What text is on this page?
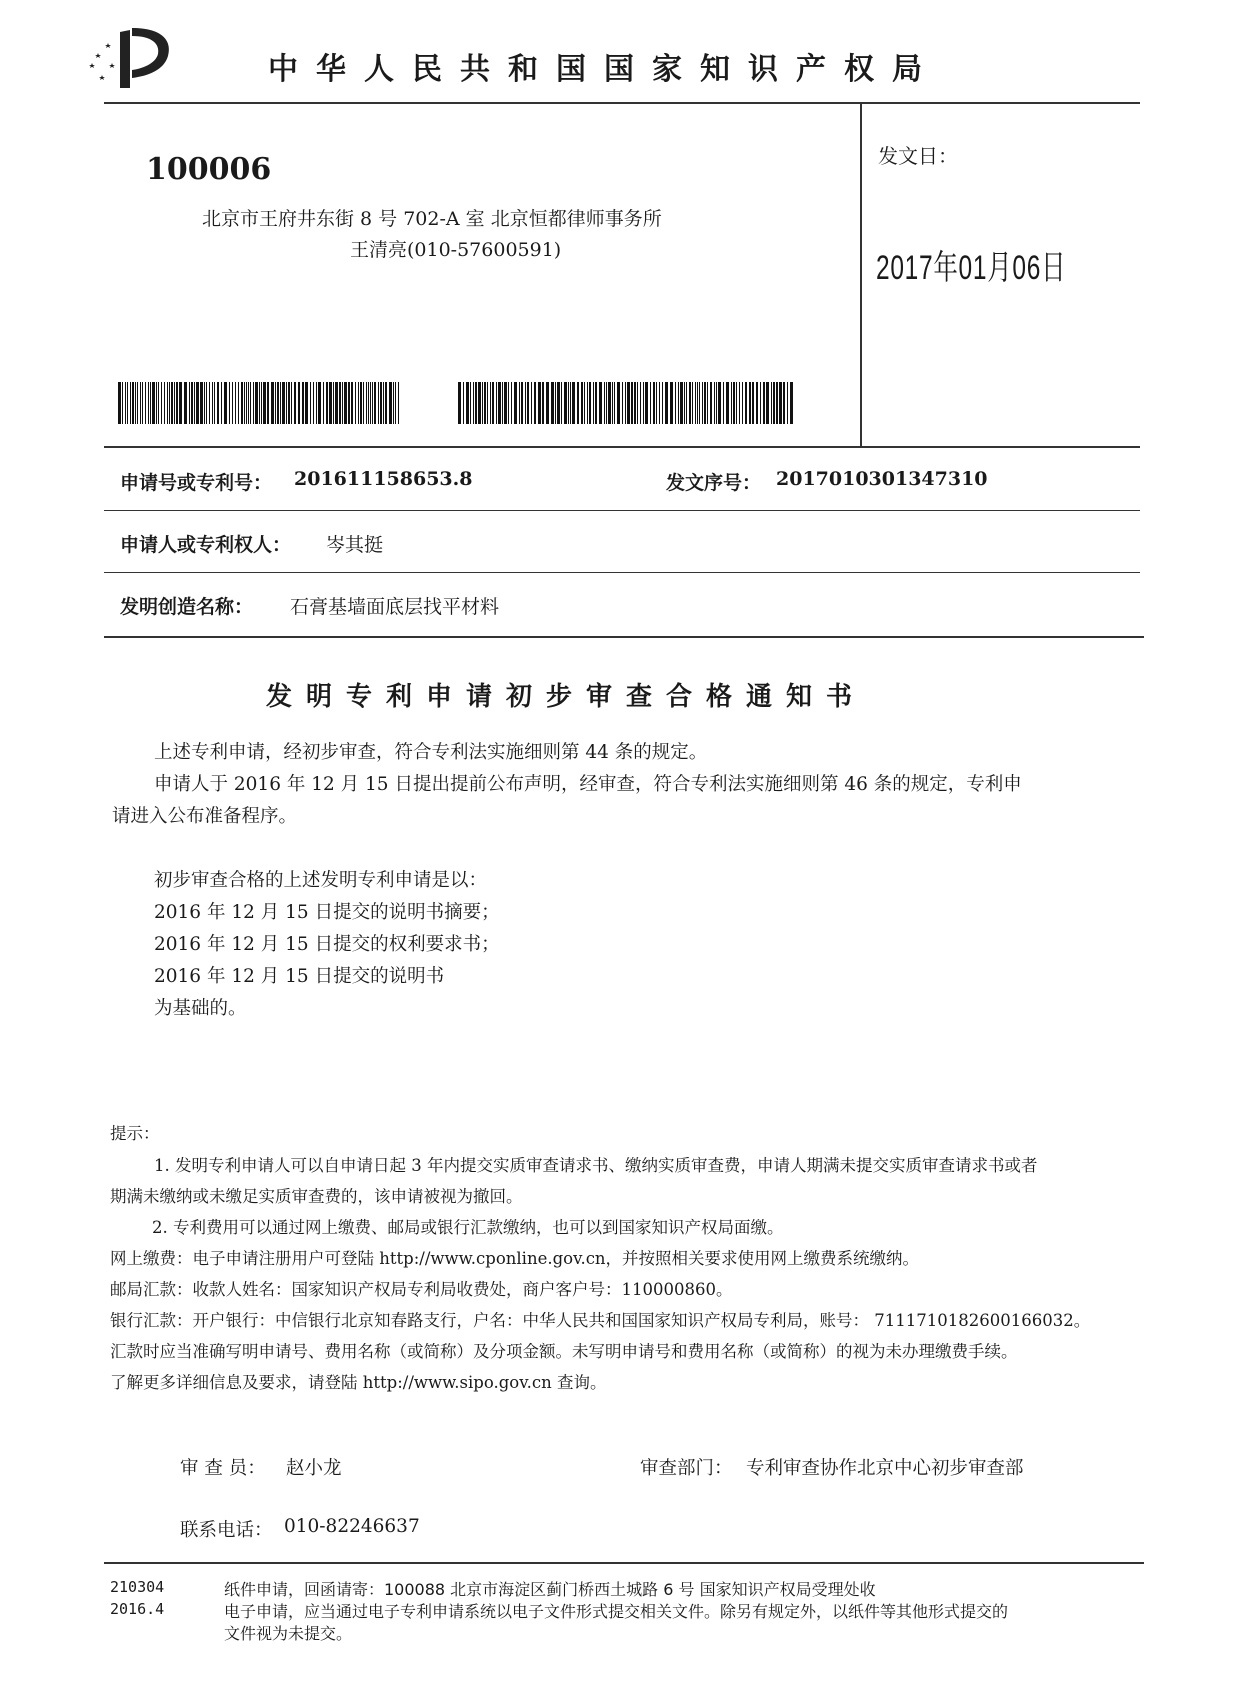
中华人民共和国国家知识产权局
100006
北京市王府井东街 8 号 702-A 室 北京恒都律师事务所
王清亮(010-57600591)
发文日：
2017年01月06日
申请号或专利号： 201611158653.8	发文序号： 2017010301347310
申请人或专利权人： 岑其挺
发明创造名称： 石膏基墙面底层找平材料
发明专利申请初步审查合格通知书
上述专利申请，经初步审查，符合专利法实施细则第 44 条的规定。
申请人于 2016 年 12 月 15 日提出提前公布声明，经审查，符合专利法实施细则第 46 条的规定，专利申
请进入公布准备程序。
初步审查合格的上述发明专利申请是以：
2016 年 12 月 15 日提交的说明书摘要；
2016 年 12 月 15 日提交的权利要求书；
2016 年 12 月 15 日提交的说明书
为基础的。
提示：
1. 发明专利申请人可以自申请日起 3 年内提交实质审查请求书、缴纳实质审查费，申请人期满未提交实质审查请求书或者
期满未缴纳或未缴足实质审查费的，该申请被视为撤回。
2. 专利费用可以通过网上缴费、邮局或银行汇款缴纳，也可以到国家知识产权局面缴。
网上缴费：电子申请注册用户可登陆 http://www.cponline.gov.cn，并按照相关要求使用网上缴费系统缴纳。
邮局汇款：收款人姓名：国家知识产权局专利局收费处，商户客户号：110000860。
银行汇款：开户银行：中信银行北京知春路支行，户名：中华人民共和国国家知识产权局专利局，账号： 7111710182600166032。
汇款时应当准确写明申请号、费用名称（或简称）及分项金额。未写明申请号和费用名称（或简称）的视为未办理缴费手续。
了解更多详细信息及要求，请登陆 http://www.sipo.gov.cn 查询。
审 查 员： 赵小龙	审查部门： 专利审查协作北京中心初步审查部
联系电话： 010-82246637
210304
2016.4
纸件申请，回函请寄：100088 北京市海淀区蓟门桥西土城路 6 号 国家知识产权局受理处收
电子申请，应当通过电子专利申请系统以电子文件形式提交相关文件。除另有规定外，以纸件等其他形式提交的
文件视为未提交。
